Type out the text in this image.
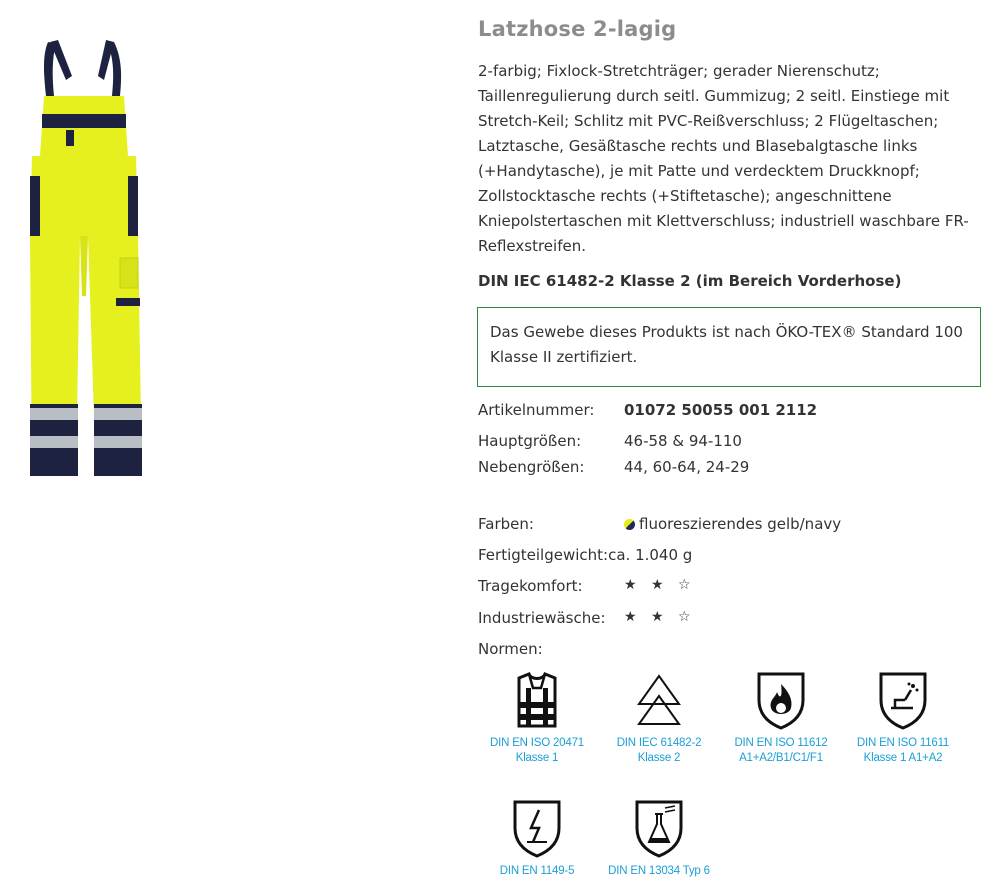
Latzhose 2-lagig

2-farbig; Fixlock-Stretchträger; gerader Nierenschutz; Taillenregulierung durch seitl. Gummizug; 2 seitl. Einstiege mit Stretch-Keil; Schlitz mit PVC-Reißverschluss; 2 Flügeltaschen; Latztasche, Gesäßtasche rechts und Blasebalgtasche links (+Handytasche), je mit Patte und verdecktem Druckknopf; Zollstocktasche rechts (+Stiftetasche); angeschnittene Kniepolstertaschen mit Klettverschluss; industriell waschbare FR-Reflexstreifen.

DIN IEC 61482-2 Klasse 2 (im Bereich Vorderhose)
Das Gewebe dieses Produkts ist nach ÖKO-TEX® Standard 100 Klasse II zertifiziert.
Artikelnummer: 01072 50055 001 2112
Hauptgrößen:	46-58 & 94-110
Nebengrößen:	44, 60-64, 24-29
Farben:	fluoreszierendes gelb/navy
Fertigteilgewicht:ca. 1.040 g
Tragekomfort:	★ ★ ☆
Industriewäsche: ★ ★ ☆
Normen:
DIN EN ISO 20471
Klasse 1
DIN IEC 61482-2
Klasse 2
DIN EN ISO 11612
A1+A2/B1/C1/F1
DIN EN ISO 11611
Klasse 1 A1+A2
DIN EN 1149-5	DIN EN 13034 Typ 6
